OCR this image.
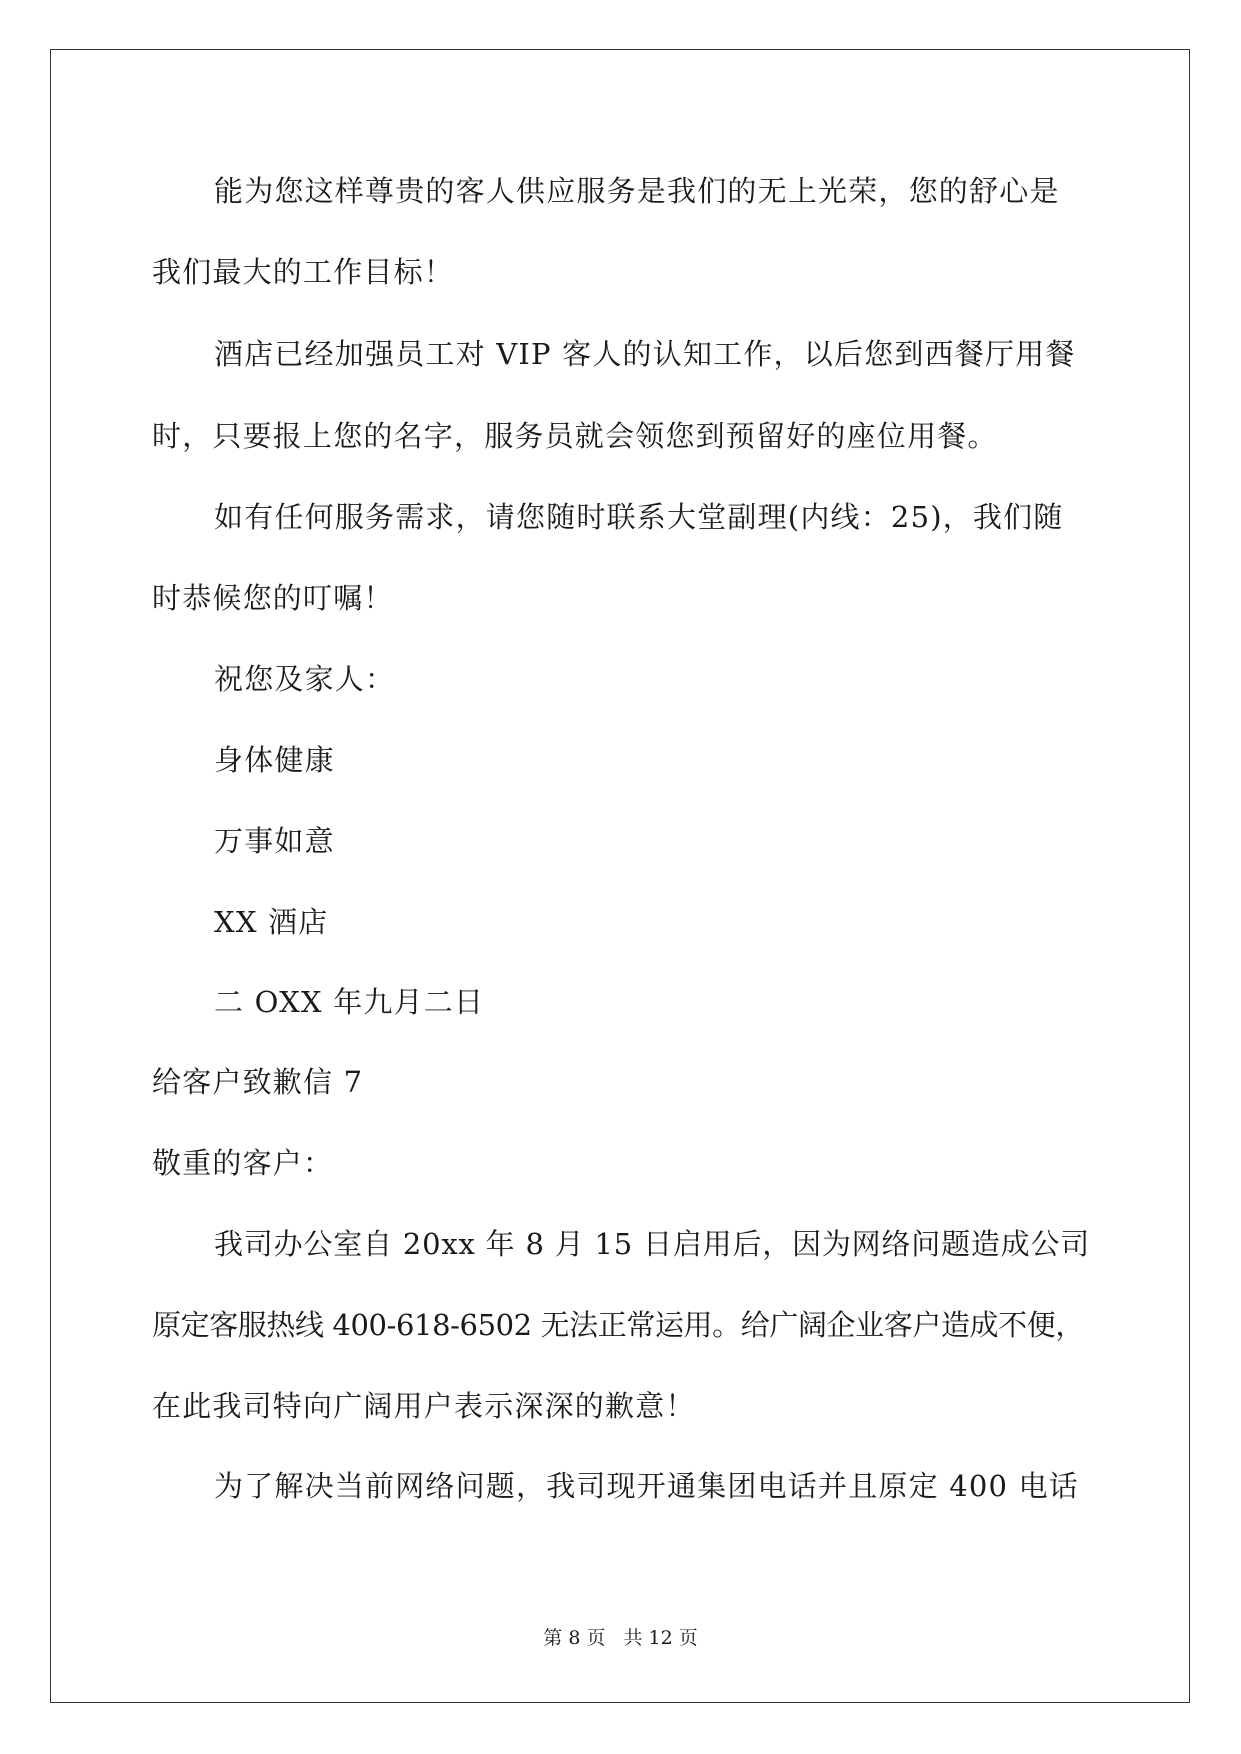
能为您这样尊贵的客人供应服务是我们的无上光荣，您的舒心是
我们最大的工作目标！
酒店已经加强员工对 VIP 客人的认知工作，以后您到西餐厅用餐
时，只要报上您的名字，服务员就会领您到预留好的座位用餐。
如有任何服务需求，请您随时联系大堂副理(内线：25)，我们随
时恭候您的叮嘱！
祝您及家人：
身体健康
万事如意
XX 酒店
二 OXX 年九月二日
给客户致歉信 7
敬重的客户：
我司办公室自 20xx 年 8 月 15 日启用后，因为网络问题造成公司
原定客服热线 400-618-6502 无法正常运用。给广阔企业客户造成不便，
在此我司特向广阔用户表示深深的歉意！
为了解决当前网络问题，我司现开通集团电话并且原定 400 电话
第 8 页 共 12 页
